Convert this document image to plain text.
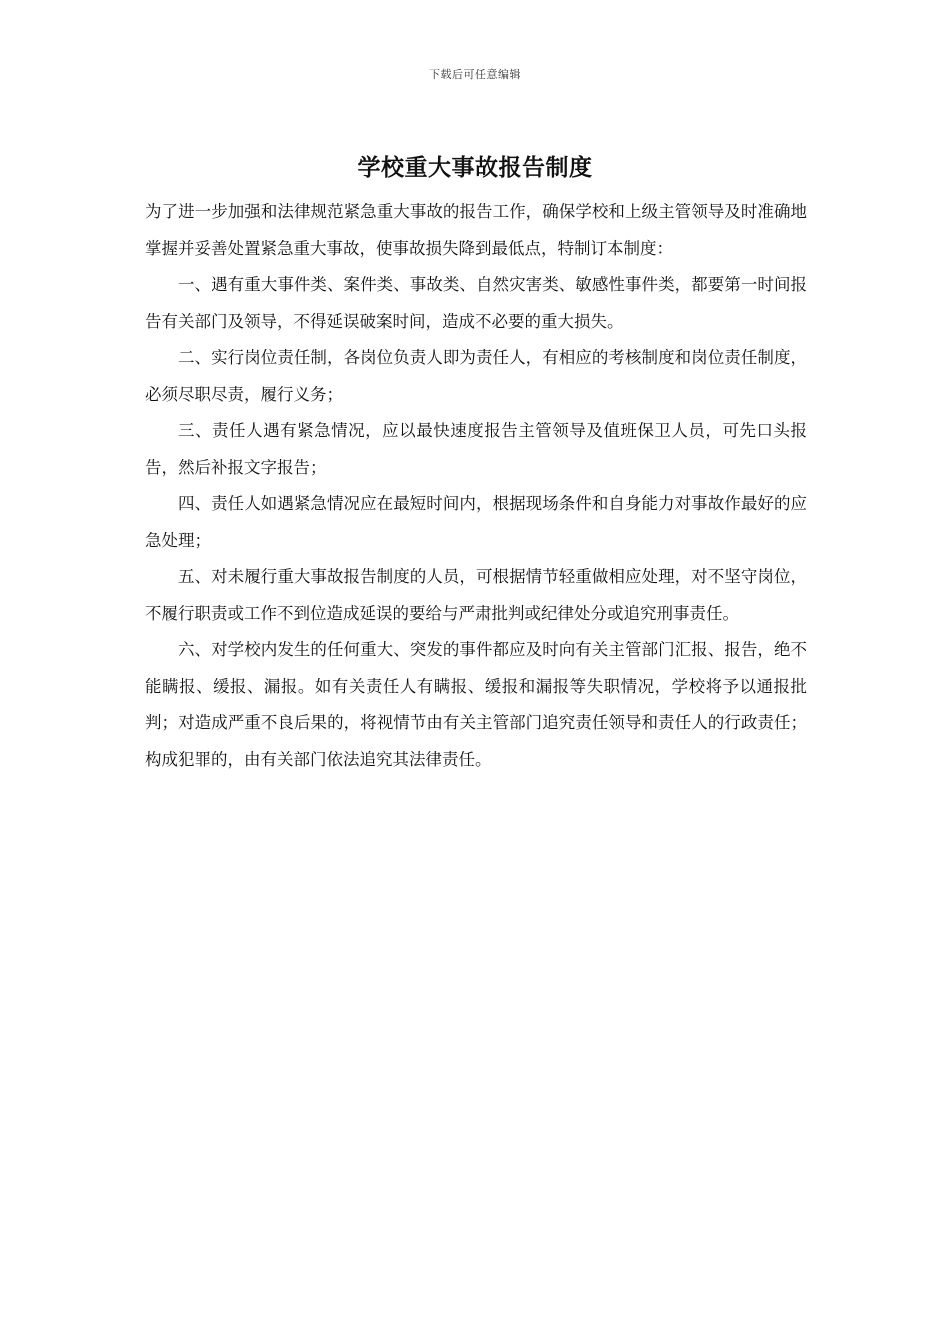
下载后可任意编辑
学校重大事故报告制度

为了进一步加强和法律规范紧急重大事故的报告工作，确保学校和上级主管领导及时准确地掌握并妥善处置紧急重大事故，使事故损失降到最低点，特制订本制度：

一、遇有重大事件类、案件类、事故类、自然灾害类、敏感性事件类，都要第一时间报告有关部门及领导，不得延误破案时间，造成不必要的重大损失。

二、实行岗位责任制，各岗位负责人即为责任人，有相应的考核制度和岗位责任制度，必须尽职尽责，履行义务；

三、责任人遇有紧急情况，应以最快速度报告主管领导及值班保卫人员，可先口头报告，然后补报文字报告；

四、责任人如遇紧急情况应在最短时间内，根据现场条件和自身能力对事故作最好的应急处理；

五、对未履行重大事故报告制度的人员，可根据情节轻重做相应处理，对不坚守岗位，不履行职责或工作不到位造成延误的要给与严肃批判或纪律处分或追究刑事责任。

六、对学校内发生的任何重大、突发的事件都应及时向有关主管部门汇报、报告，绝不能瞒报、缓报、漏报。如有关责任人有瞒报、缓报和漏报等失职情况，学校将予以通报批判；对造成严重不良后果的，将视情节由有关主管部门追究责任领导和责任人的行政责任；构成犯罪的，由有关部门依法追究其法律责任。
